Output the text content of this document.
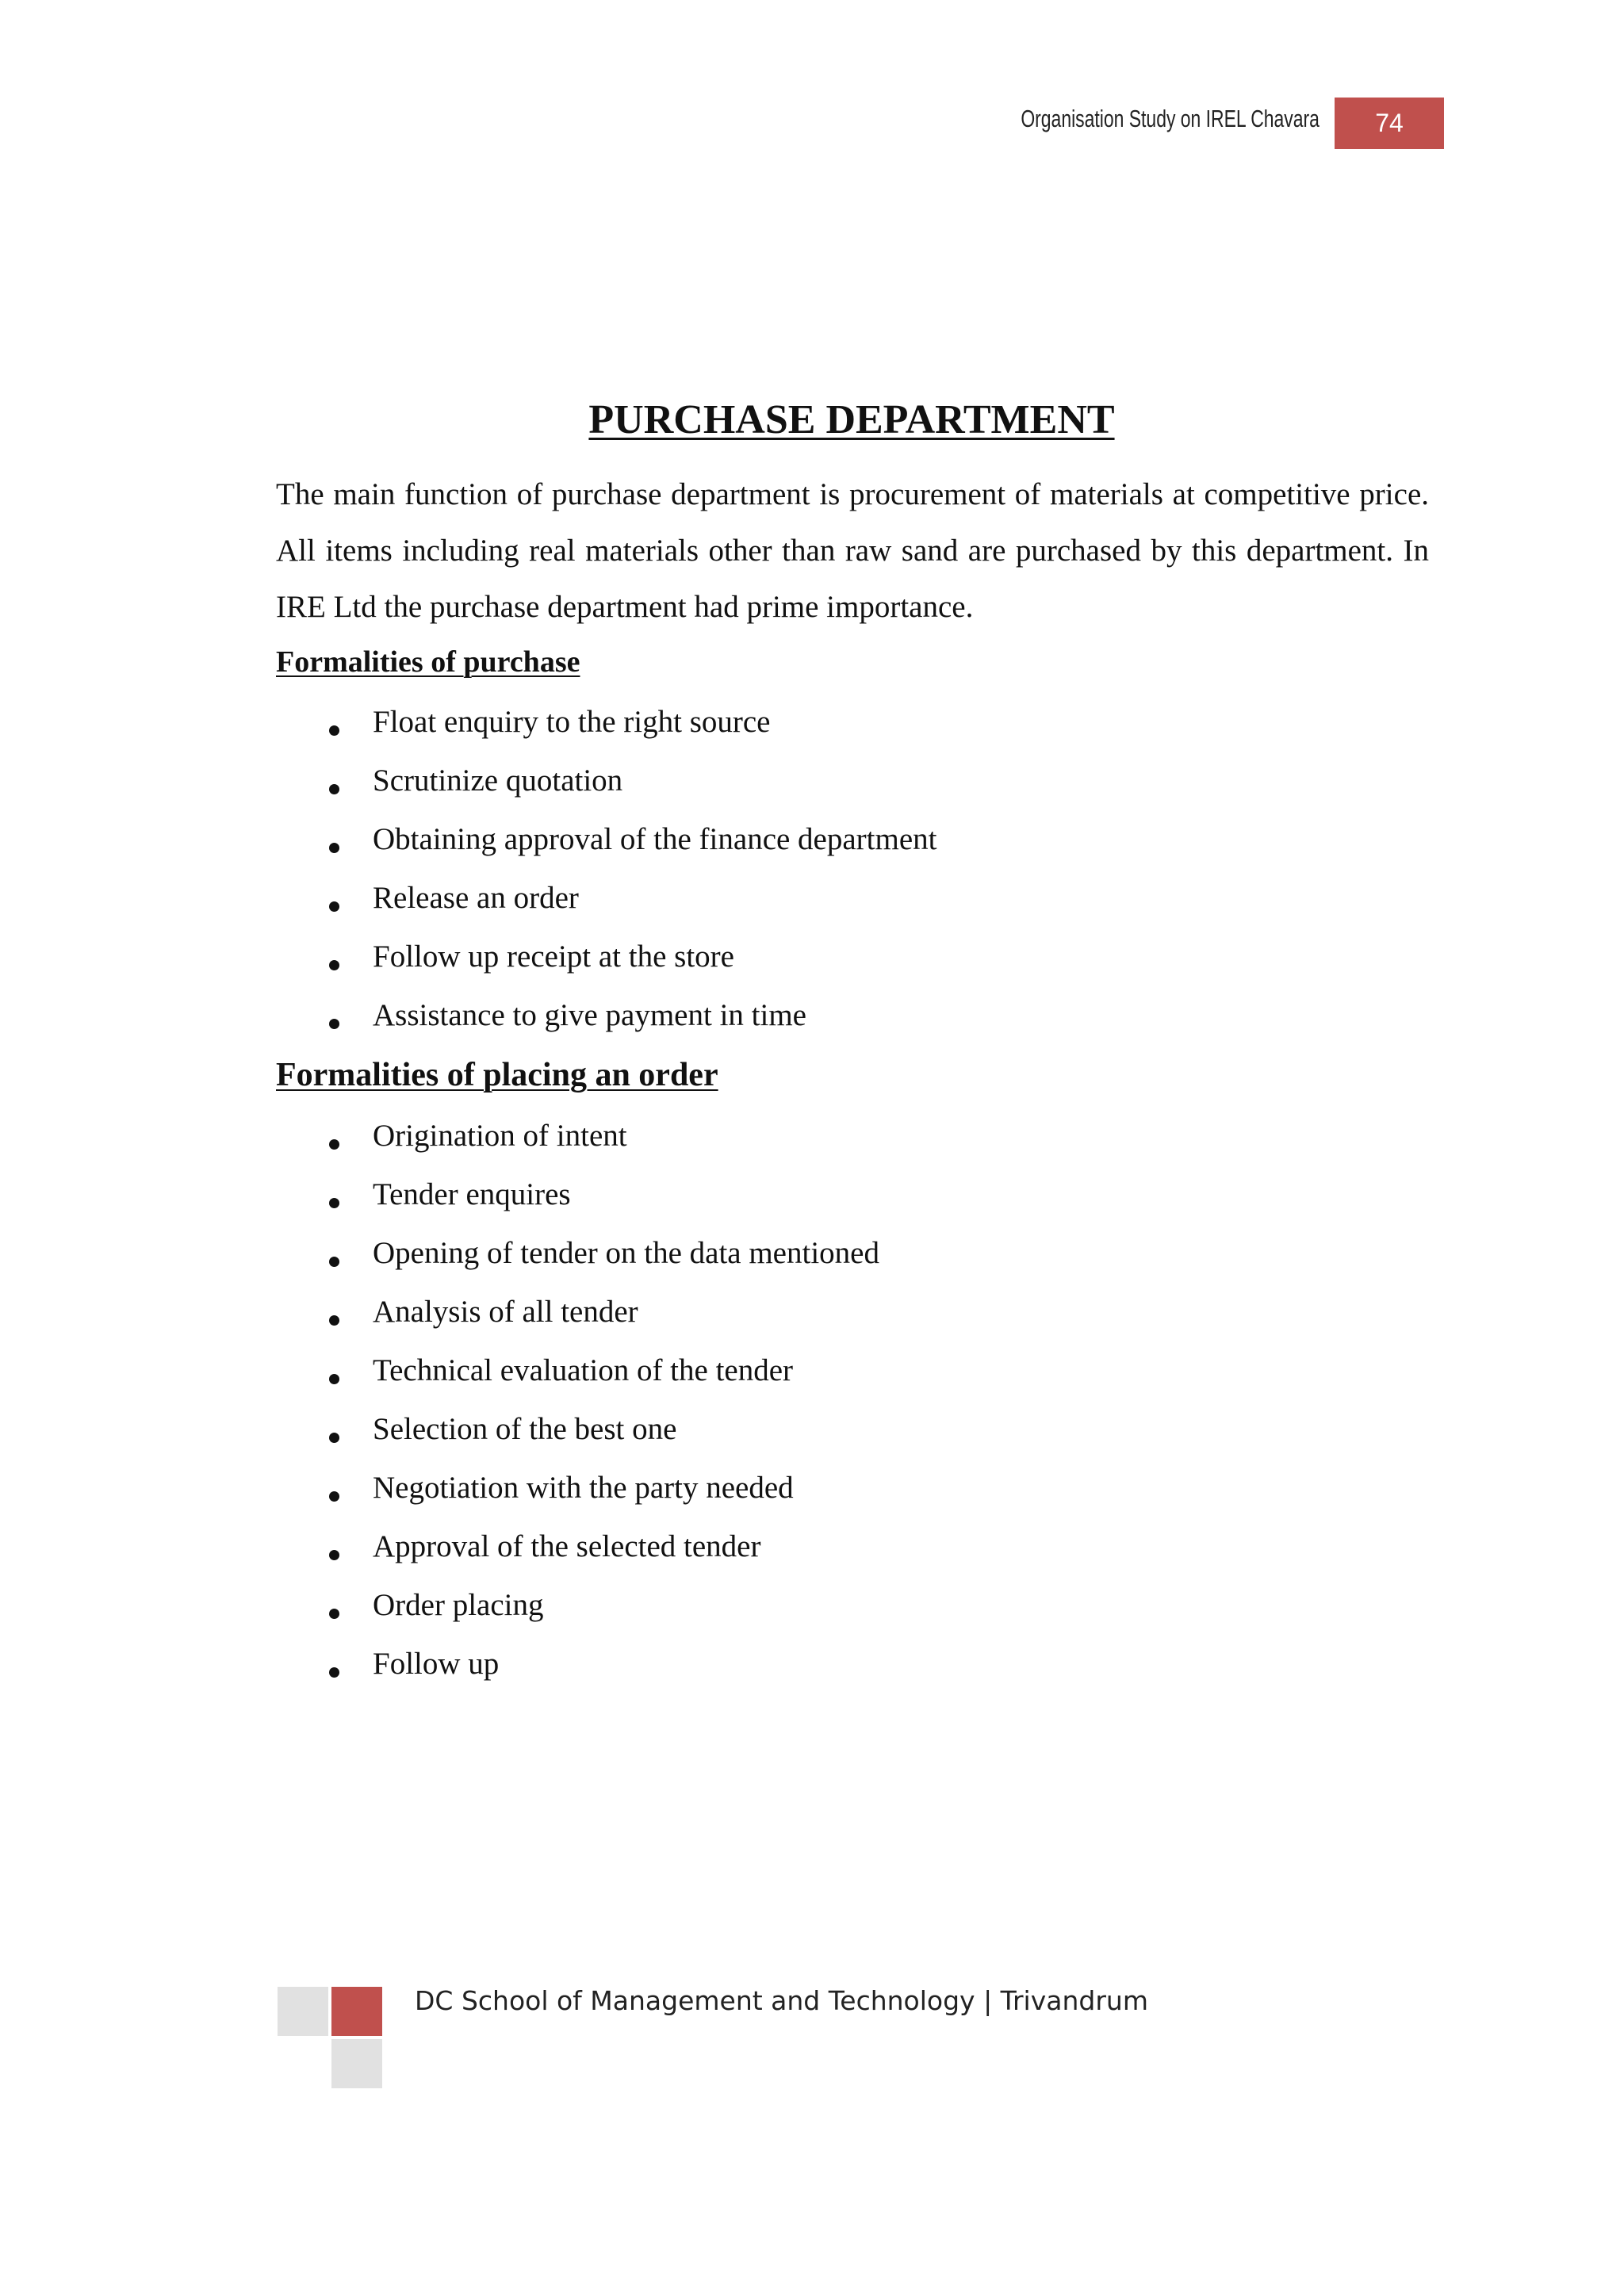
Organisation Study on IREL Chavara	74
PURCHASE DEPARTMENT

The main function of purchase department is procurement of materials at competitive price. All items including real materials other than raw sand are purchased by this department. In IRE Ltd the purchase department had prime importance.

Formalities of purchase
Float enquiry to the right source
Scrutinize quotation
Obtaining approval of the finance department
Release an order
Follow up receipt at the store
Assistance to give payment in time
Formalities of placing an order
Origination of intent
Tender enquires
Opening of tender on the data mentioned
Analysis of all tender
Technical evaluation of the tender
Selection of the best one
Negotiation with the party needed
Approval of the selected tender
Order placing
Follow up
DC School of Management and Technology | Trivandrum
